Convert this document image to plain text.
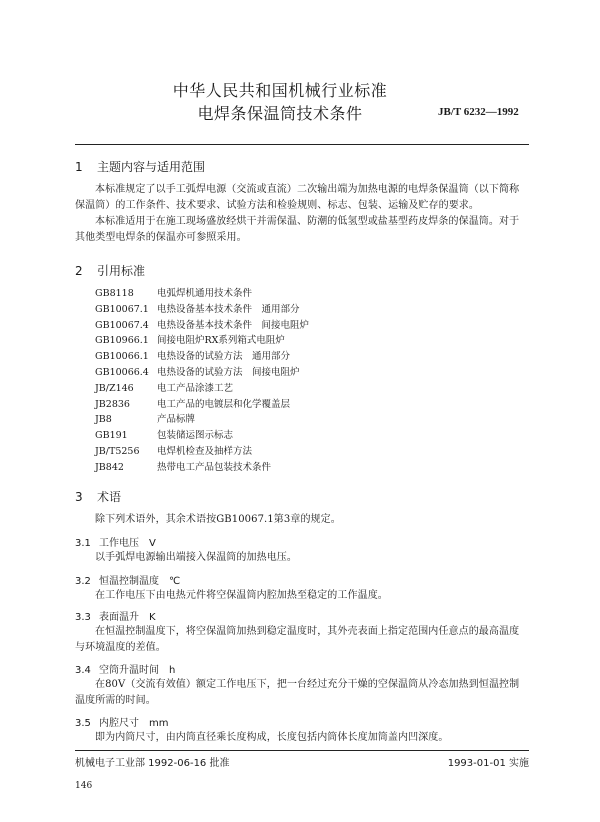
中华人民共和国机械行业标准
电焊条保温筒技术条件	JB/T 6232—1992
1 主题内容与适用范围
本标准规定了以手工弧焊电源（交流或直流）二次输出端为加热电源的电焊条保温筒（以下简称保温筒）的工作条件、技术要求、试验方法和检验规则、标志、包装、运输及贮存的要求。
本标准适用于在施工现场盛放经烘干并需保温、防潮的低氢型或盐基型药皮焊条的保温筒。对于其他类型电焊条的保温亦可参照采用。
2 引用标准
GB8118 电弧焊机通用技术条件
GB10067.1 电热设备基本技术条件　通用部分
GB10067.4 电热设备基本技术条件　间接电阻炉
GB10966.1 间接电阻炉RX系列箱式电阻炉
GB10066.1 电热设备的试验方法　通用部分
GB10066.4 电热设备的试验方法　间接电阻炉
JB/Z146 电工产品涂漆工艺
JB2836	电工产品的电镀层和化学覆盖层
JB8	产品标牌
GB191	包装储运图示标志
JB/T5256 电焊机检查及抽样方法
JB842	热带电工产品包装技术条件
3 术语
除下列术语外，其余术语按GB10067.1第3章的规定。
3.1 工作电压　V
以手弧焊电源输出端接入保温筒的加热电压。
3.2 恒温控制温度　℃
在工作电压下由电热元件将空保温筒内腔加热至稳定的工作温度。
3.3 表面温升　K
在恒温控制温度下，将空保温筒加热到稳定温度时，其外壳表面上指定范围内任意点的最高温度与环境温度的差值。
3.4 空筒升温时间　h
在80V（交流有效值）额定工作电压下，把一台经过充分干燥的空保温筒从冷态加热到恒温控制温度所需的时间。
3.5 内腔尺寸　mm
即为内筒尺寸，由内筒直径乘长度构成，长度包括内筒体长度加筒盖内凹深度。
机械电子工业部 1992-06-16 批准	1993-01-01 实施
146
